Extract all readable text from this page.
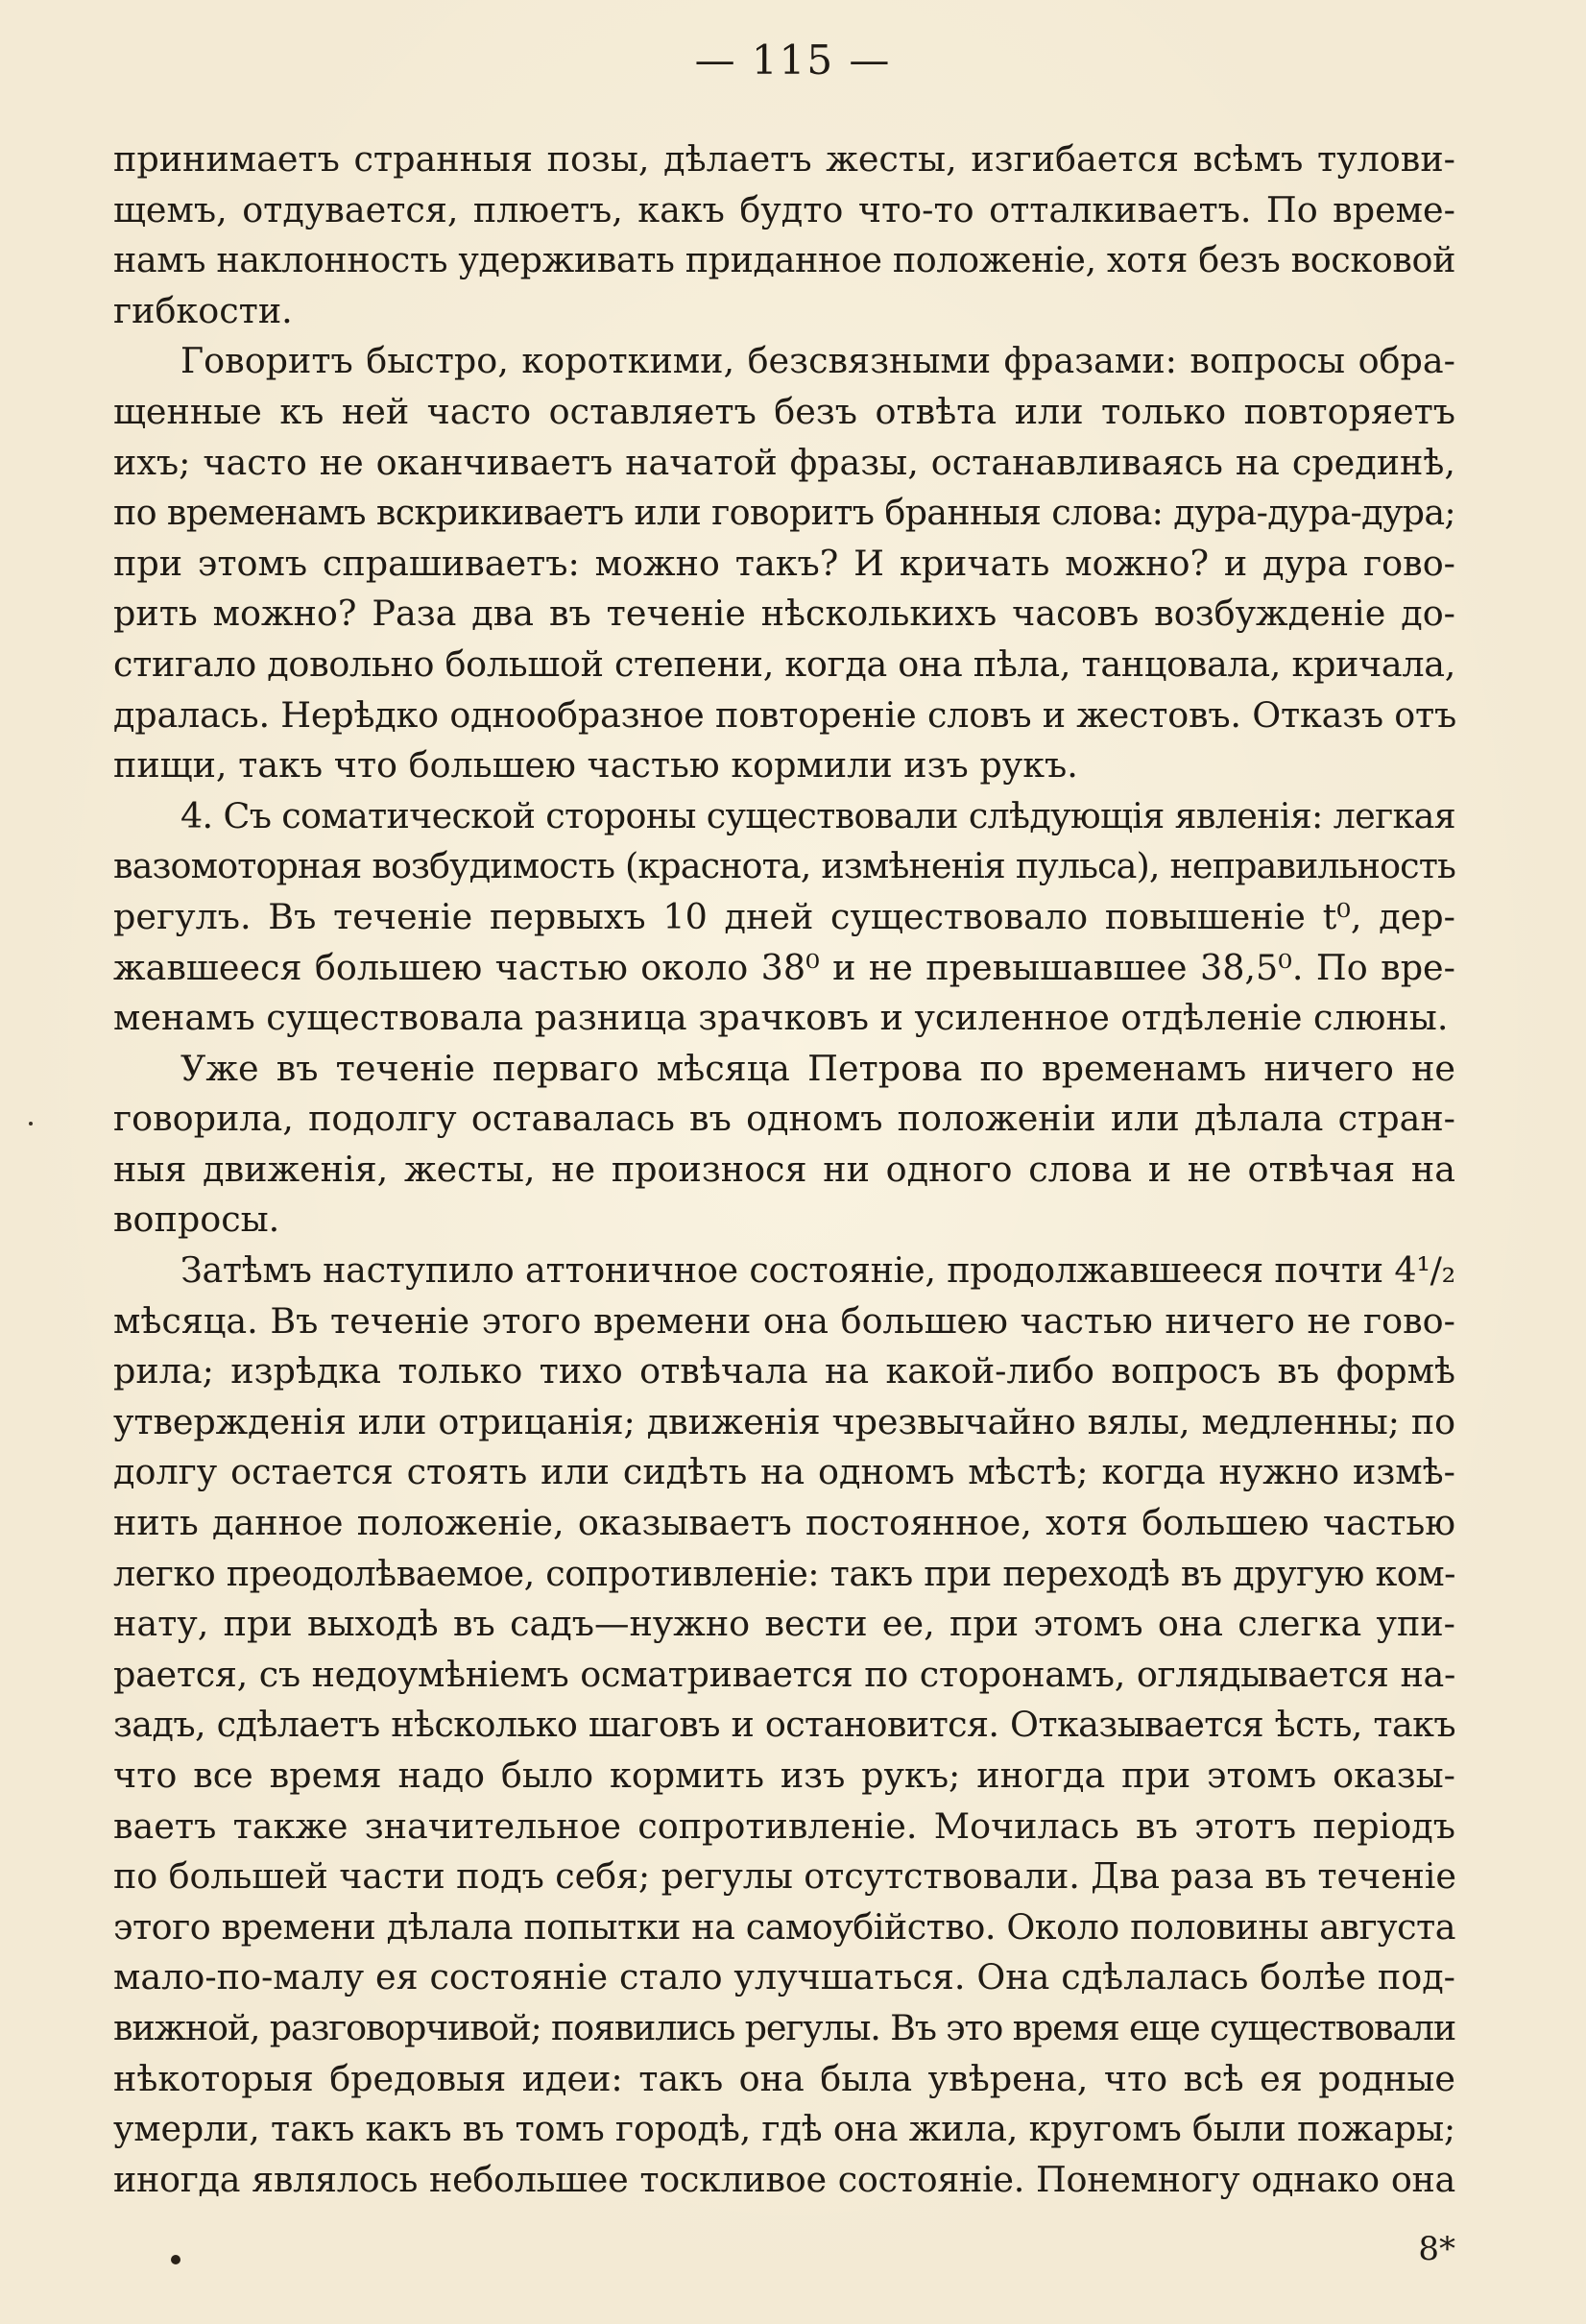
— 115 —
принимаетъ странныя позы, дѣлаетъ жесты, изгибается всѣмъ тулови-
щемъ, отдувается, плюетъ, какъ будто что-то отталкиваетъ. По време-
намъ наклонность удерживать приданное положеніе, хотя безъ восковой
гибкости.
Говоритъ быстро, короткими, безсвязными фразами: вопросы обра-
щенные къ ней часто оставляетъ безъ отвѣта или только повторяетъ
ихъ; часто не оканчиваетъ начатой фразы, останавливаясь на срединѣ,
по временамъ вскрикиваетъ или говоритъ бранныя слова: дура-дура-дура;
при этомъ спрашиваетъ: можно такъ? И кричать можно? и дура гово-
рить можно? Раза два въ теченіе нѣсколькихъ часовъ возбужденіе до-
стигало довольно большой степени, когда она пѣла, танцовала, кричала,
дралась. Нерѣдко однообразное повтореніе словъ и жестовъ. Отказъ отъ
пищи, такъ что большею частью кормили изъ рукъ.
4. Съ соматической стороны существовали слѣдующія явленія: легкая
вазомоторная возбудимость (краснота, измѣненія пульса), неправильность
регулъ. Въ теченіе первыхъ 10 дней существовало повышеніе t⁰, дер-
жавшееся большею частью около 38⁰ и не превышавшее 38,5⁰. По вре-
менамъ существовала разница зрачковъ и усиленное отдѣленіе слюны.
Уже въ теченіе перваго мѣсяца Петрова по временамъ ничего не
говорила, подолгу оставалась въ одномъ положеніи или дѣлала стран-
ныя движенія, жесты, не произнося ни одного слова и не отвѣчая на
вопросы.
Затѣмъ наступило аттоничное состояніе, продолжавшееся почти 4¹/₂
мѣсяца. Въ теченіе этого времени она большею частью ничего не гово-
рила; изрѣдка только тихо отвѣчала на какой-либо вопросъ въ формѣ
утвержденія или отрицанія; движенія чрезвычайно вялы, медленны; по
долгу остается стоять или сидѣть на одномъ мѣстѣ; когда нужно измѣ-
нить данное положеніе, оказываетъ постоянное, хотя большею частью
легко преодолѣваемое, сопротивленіе: такъ при переходѣ въ другую ком-
нату, при выходѣ въ садъ—нужно вести ее, при этомъ она слегка упи-
рается, съ недоумѣніемъ осматривается по сторонамъ, оглядывается на-
задъ, сдѣлаетъ нѣсколько шаговъ и остановится. Отказывается ѣсть, такъ
что все время надо было кормить изъ рукъ; иногда при этомъ оказы-
ваетъ также значительное сопротивленіе. Мочилась въ этотъ періодъ
по большей части подъ себя; регулы отсутствовали. Два раза въ теченіе
этого времени дѣлала попытки на самоубійство. Около половины августа
мало-по-малу ея состояніе стало улучшаться. Она сдѣлалась болѣе под-
вижной, разговорчивой; появились регулы. Въ это время еще существовали
нѣкоторыя бредовыя идеи: такъ она была увѣрена, что всѣ ея родные
умерли, такъ какъ въ томъ городѣ, гдѣ она жила, кругомъ были пожары;
иногда являлось небольшее тоскливое состояніе. Понемногу однако она
8*
